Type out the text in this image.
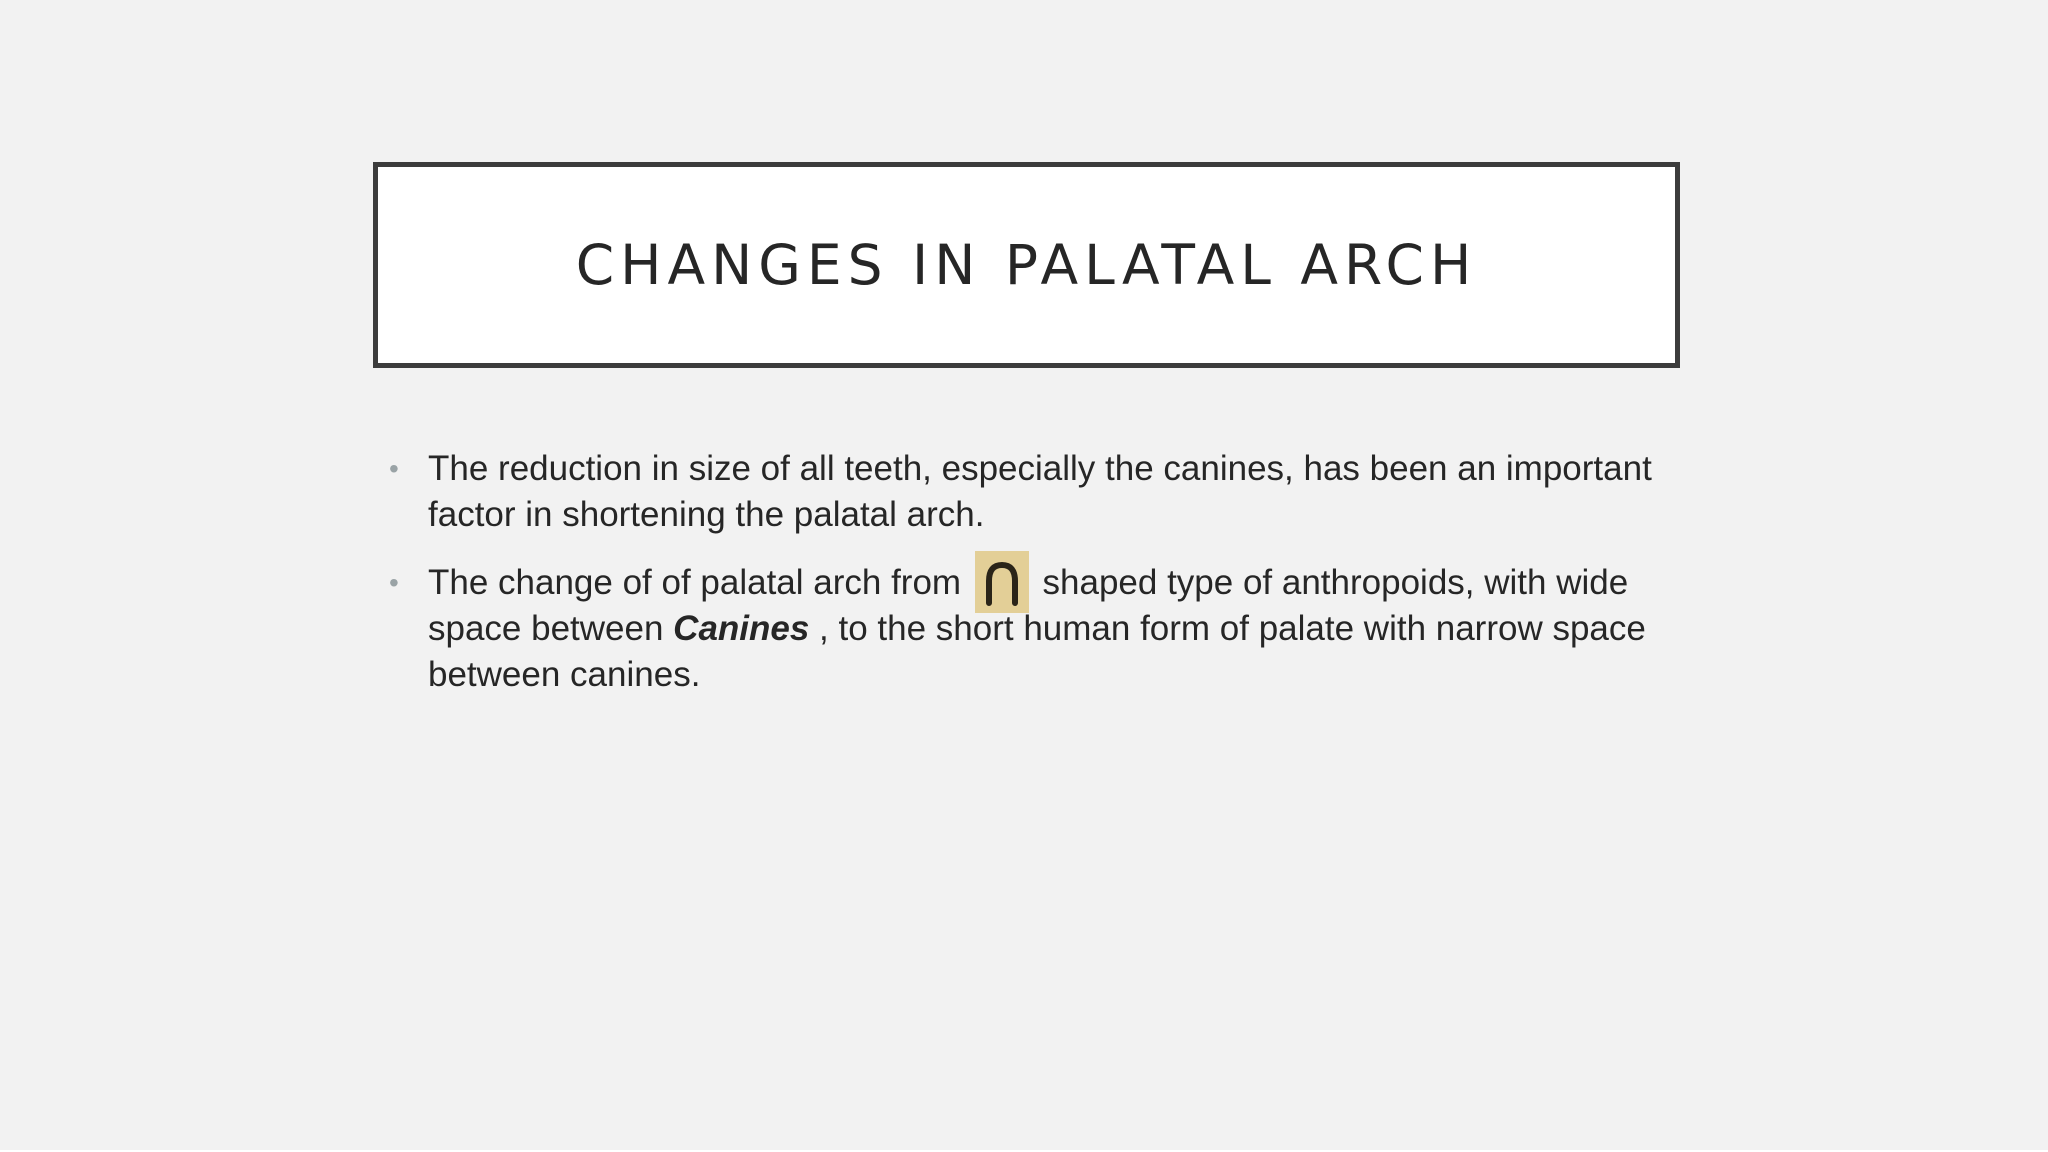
CHANGES IN PALATAL ARCH
• The reduction in size of all teeth, especially the canines, has been an important factor in shortening the palatal arch.
• The change of of palatal arch from
shaped type of anthropoids, with wide space between Canines , to the short human form of palate with narrow space between canines.
